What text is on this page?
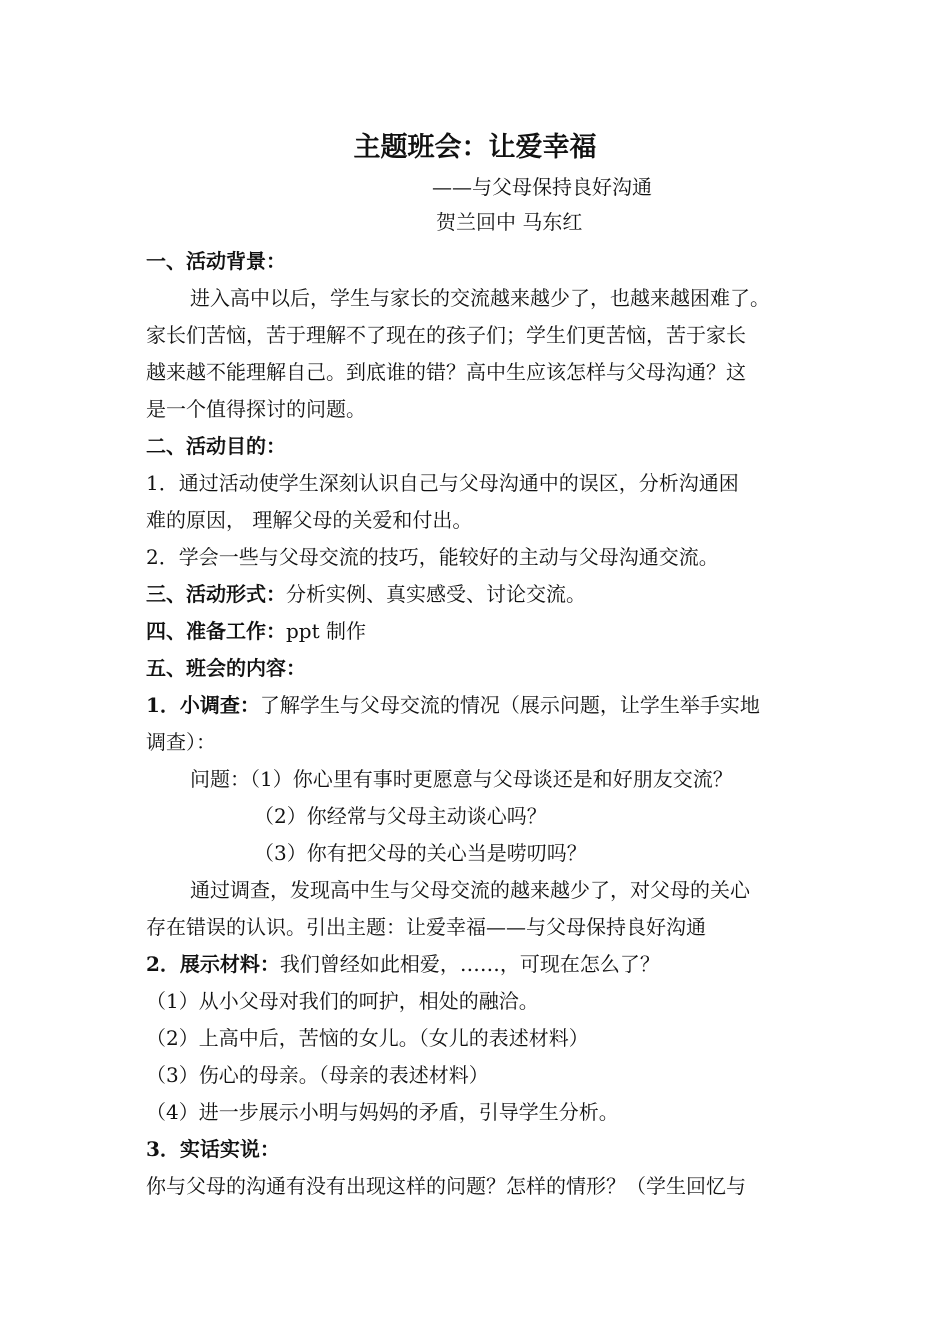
主题班会：让爱幸福
——与父母保持良好沟通
贺兰回中 马东红
一、活动背景：
进入高中以后，学生与家长的交流越来越少了，也越来越困难了。
家长们苦恼，苦于理解不了现在的孩子们；学生们更苦恼，苦于家长
越来越不能理解自己。到底谁的错？高中生应该怎样与父母沟通？这
是一个值得探讨的问题。
二、活动目的：
1．通过活动使学生深刻认识自己与父母沟通中的误区，分析沟通困
难的原因， 理解父母的关爱和付出。
2．学会一些与父母交流的技巧，能较好的主动与父母沟通交流。
三、活动形式：分析实例、真实感受、讨论交流。
四、准备工作：ppt 制作
五、班会的内容：
1．小调查：了解学生与父母交流的情况（展示问题，让学生举手实地
调查）：
问题：（1）你心里有事时更愿意与父母谈还是和好朋友交流？
（2）你经常与父母主动谈心吗？
（3）你有把父母的关心当是唠叨吗？
通过调查，发现高中生与父母交流的越来越少了，对父母的关心
存在错误的认识。引出主题：让爱幸福——与父母保持良好沟通
2．展示材料：我们曾经如此相爱，……，可现在怎么了？
（1）从小父母对我们的呵护，相处的融洽。
（2）上高中后，苦恼的女儿。（女儿的表述材料）
（3）伤心的母亲。（母亲的表述材料）
（4）进一步展示小明与妈妈的矛盾，引导学生分析。
3．实话实说：
你与父母的沟通有没有出现这样的问题？怎样的情形？（学生回忆与
